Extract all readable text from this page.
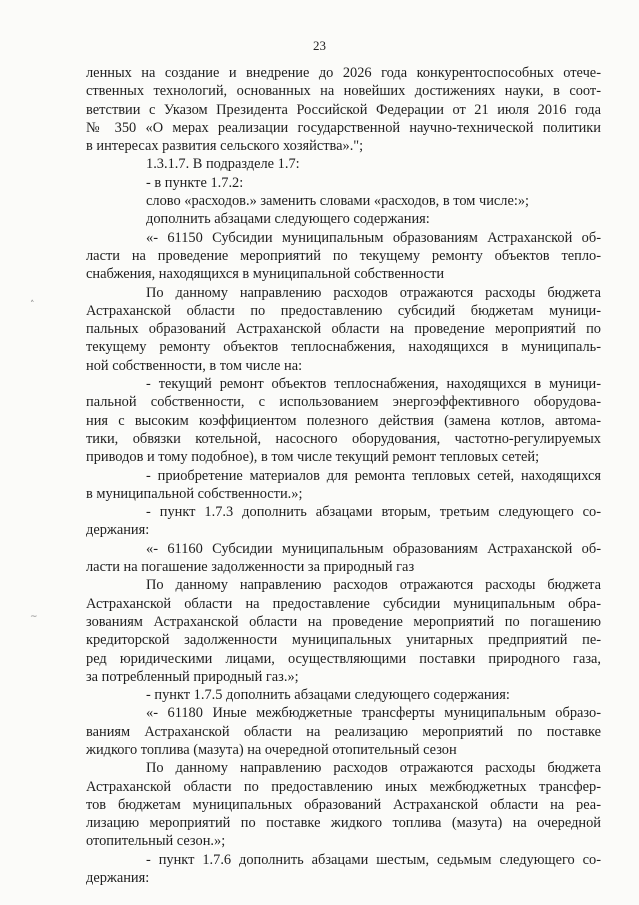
23
˄
~

ленных на создание и внедрение до 2026 года конкурентоспособных отече-
ственных технологий, основанных на новейших достижениях науки, в соот-
ветствии с Указом Президента Российской Федерации от 21 июля 2016 года
№ 350 «О мерах реализации государственной научно-технической политики
в интересах развития сельского хозяйства».";

1.3.1.7. В подразделе 1.7:

- в пункте 1.7.2:

слово «расходов.» заменить словами «расходов, в том числе:»;

дополнить абзацами следующего содержания:

«- 61150 Субсидии муниципальным образованиям Астраханской об-
ласти на проведение мероприятий по текущему ремонту объектов тепло-
снабжения, находящихся в муниципальной собственности

По данному направлению расходов отражаются расходы бюджета
Астраханской области по предоставлению субсидий бюджетам муници-
пальных образований Астраханской области на проведение мероприятий по
текущему ремонту объектов теплоснабжения, находящихся в муниципаль-
ной собственности, в том числе на:

- текущий ремонт объектов теплоснабжения, находящихся в муници-
пальной собственности, с использованием энергоэффективного оборудова-
ния с высоким коэффициентом полезного действия (замена котлов, автома-
тики, обвязки котельной, насосного оборудования, частотно-регулируемых
приводов и тому подобное), в том числе текущий ремонт тепловых сетей;

- приобретение материалов для ремонта тепловых сетей, находящихся
в муниципальной собственности.»;

- пункт 1.7.3 дополнить абзацами вторым, третьим следующего со-
держания:

«- 61160 Субсидии муниципальным образованиям Астраханской об-
ласти на погашение задолженности за природный газ

По данному направлению расходов отражаются расходы бюджета
Астраханской области на предоставление субсидии муниципальным обра-
зованиям Астраханской области на проведение мероприятий по погашению
кредиторской задолженности муниципальных унитарных предприятий пе-
ред юридическими лицами, осуществляющими поставки природного газа,
за потребленный природный газ.»;

- пункт 1.7.5 дополнить абзацами следующего содержания:

«- 61180 Иные межбюджетные трансферты муниципальным образо-
ваниям Астраханской области на реализацию мероприятий по поставке
жидкого топлива (мазута) на очередной отопительный сезон

По данному направлению расходов отражаются расходы бюджета
Астраханской области по предоставлению иных межбюджетных трансфер-
тов бюджетам муниципальных образований Астраханской области на реа-
лизацию мероприятий по поставке жидкого топлива (мазута) на очередной
отопительный сезон.»;

- пункт 1.7.6 дополнить абзацами шестым, седьмым следующего со-
держания:
